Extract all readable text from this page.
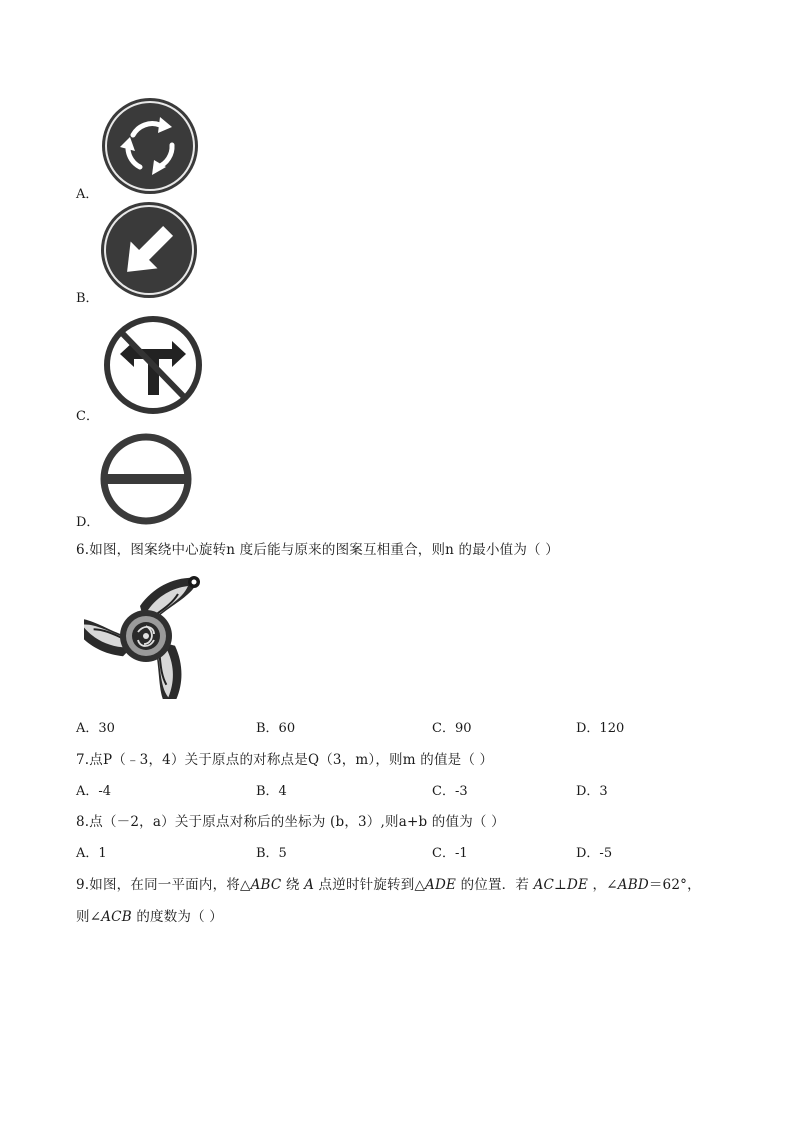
A．
B．
C．
D．
6.如图，图案绕中心旋转n 度后能与原来的图案互相重合，则n 的最小值为（ ）
A．30	B．60	C．90	D．120
7.点P（﹣3，4）关于原点的对称点是Q（3，m），则m 的值是（ ）
A．-4	B．4	C．-3	D．3
8.点（－2，a）关于原点对称后的坐标为 (b，3）,则a+b 的值为（ ）
A．1	B．5	C．-1	D．-5
9.如图，在同一平面内，将△ABC 绕 A 点逆时针旋转到△ADE 的位置．若 AC⊥DE ，∠ABD＝62°，
则∠ACB 的度数为（ ）
